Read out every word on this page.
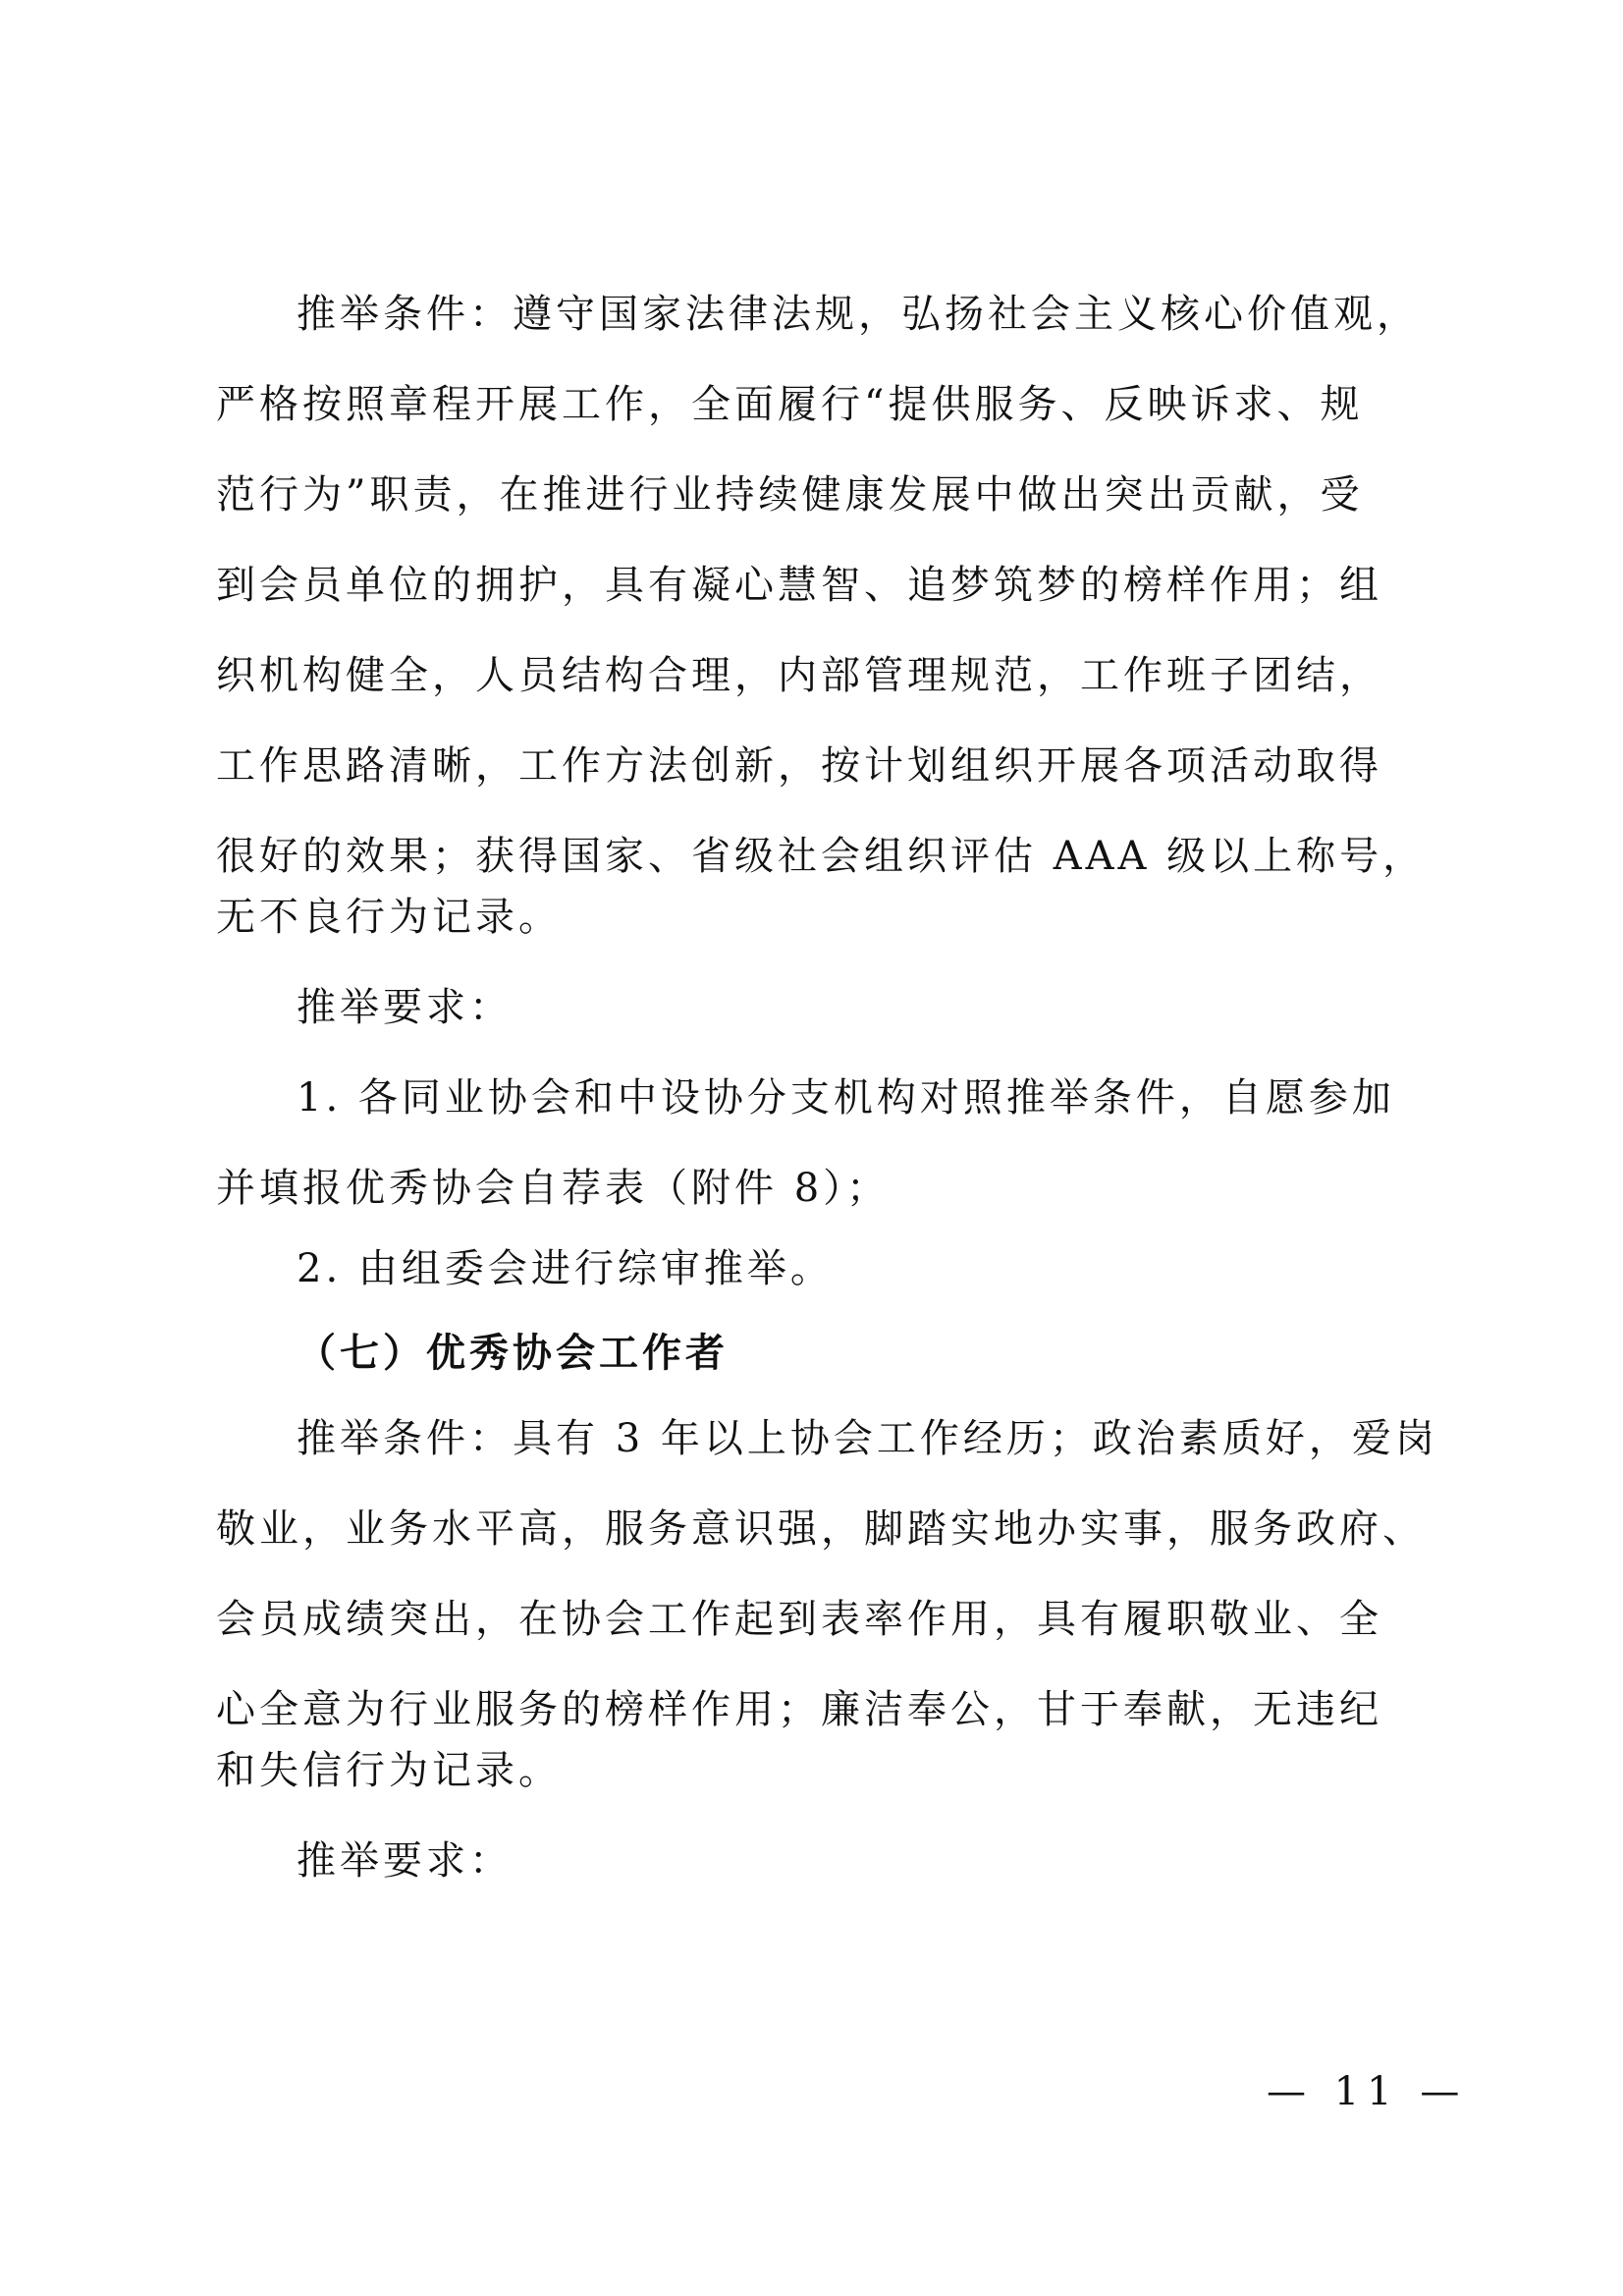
推举条件：遵守国家法律法规，弘扬社会主义核心价值观，
严格按照章程开展工作，全面履行“提供服务、反映诉求、规
范行为”职责，在推进行业持续健康发展中做出突出贡献，受
到会员单位的拥护，具有凝心慧智、追梦筑梦的榜样作用；组
织机构健全，人员结构合理，内部管理规范，工作班子团结，
工作思路清晰，工作方法创新，按计划组织开展各项活动取得
很好的效果；获得国家、省级社会组织评估 AAA 级以上称号，
无不良行为记录。
推举要求：
1. 各同业协会和中设协分支机构对照推举条件，自愿参加
并填报优秀协会自荐表（附件 8）；
2. 由组委会进行综审推举。
（七）优秀协会工作者
推举条件：具有 3 年以上协会工作经历；政治素质好，爱岗
敬业，业务水平高，服务意识强，脚踏实地办实事，服务政府、
会员成绩突出，在协会工作起到表率作用，具有履职敬业、全
心全意为行业服务的榜样作用；廉洁奉公，甘于奉献，无违纪
和失信行为记录。
推举要求：
— 11 —
